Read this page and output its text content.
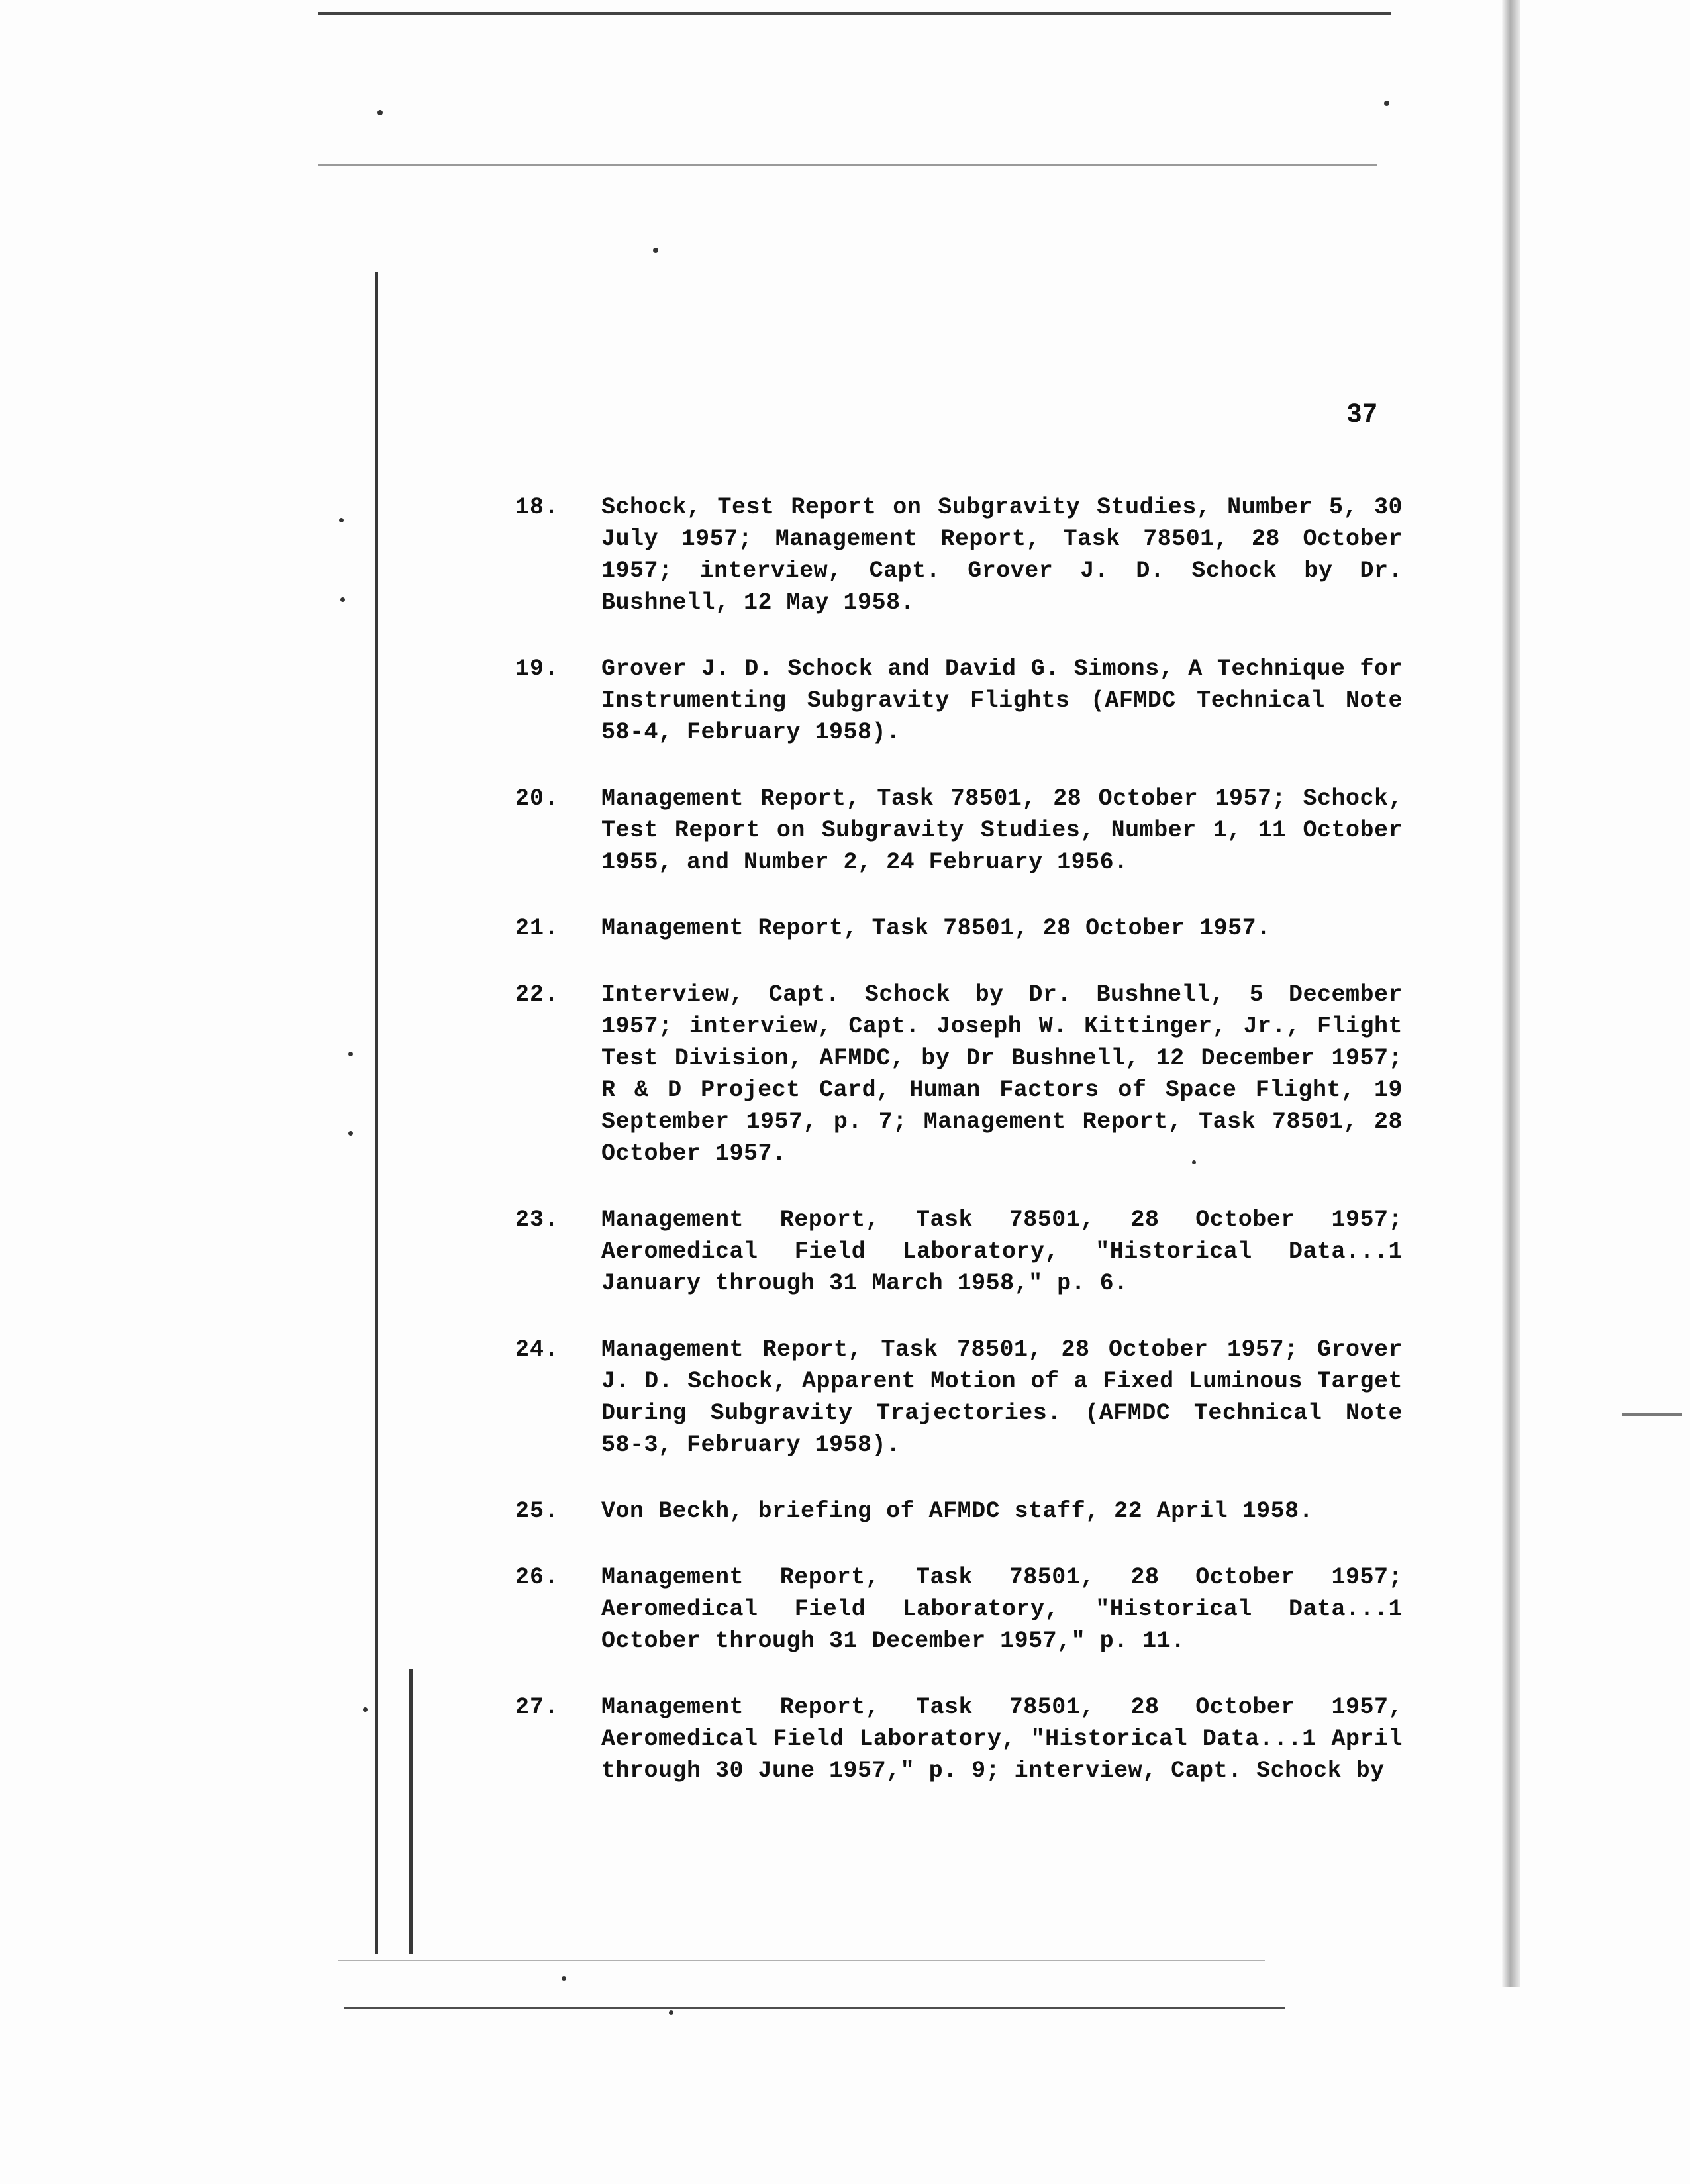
37
18.	Schock, Test Report on Subgravity Studies, Number 5, 30 July 1957; Management Report, Task 78501, 28 October 1957; interview, Capt. Grover J. D. Schock by Dr. Bushnell, 12 May 1958.
19.	Grover J. D. Schock and David G. Simons, A Technique for Instrumenting Subgravity Flights (AFMDC Technical Note 58-4, February 1958).
20.	Management Report, Task 78501, 28 October 1957; Schock, Test Report on Subgravity Studies, Number 1, 11 October 1955, and Number 2, 24 February 1956.
21.	Management Report, Task 78501, 28 October 1957.
22.	Interview, Capt. Schock by Dr. Bushnell, 5 December 1957; interview, Capt. Joseph W. Kittinger, Jr., Flight Test Division, AFMDC, by Dr Bushnell, 12 December 1957; R & D Project Card, Human Factors of Space Flight, 19 September 1957, p. 7; Management Report, Task 78501, 28 October 1957.
23.	Management Report, Task 78501, 28 October 1957; Aeromedical Field Laboratory, "Historical Data...1 January through 31 March 1958," p. 6.
24.	Management Report, Task 78501, 28 October 1957; Grover J. D. Schock, Apparent Motion of a Fixed Luminous Target During Subgravity Trajectories. (AFMDC Technical Note 58-3, February 1958).
25.	Von Beckh, briefing of AFMDC staff, 22 April 1958.
26.	Management Report, Task 78501, 28 October 1957; Aeromedical Field Laboratory, "Historical Data...1 October through 31 December 1957," p. 11.
27.	Management Report, Task 78501, 28 October 1957, Aeromedical Field Laboratory, "Historical Data...1 April through 30 June 1957," p. 9; interview, Capt. Schock by
